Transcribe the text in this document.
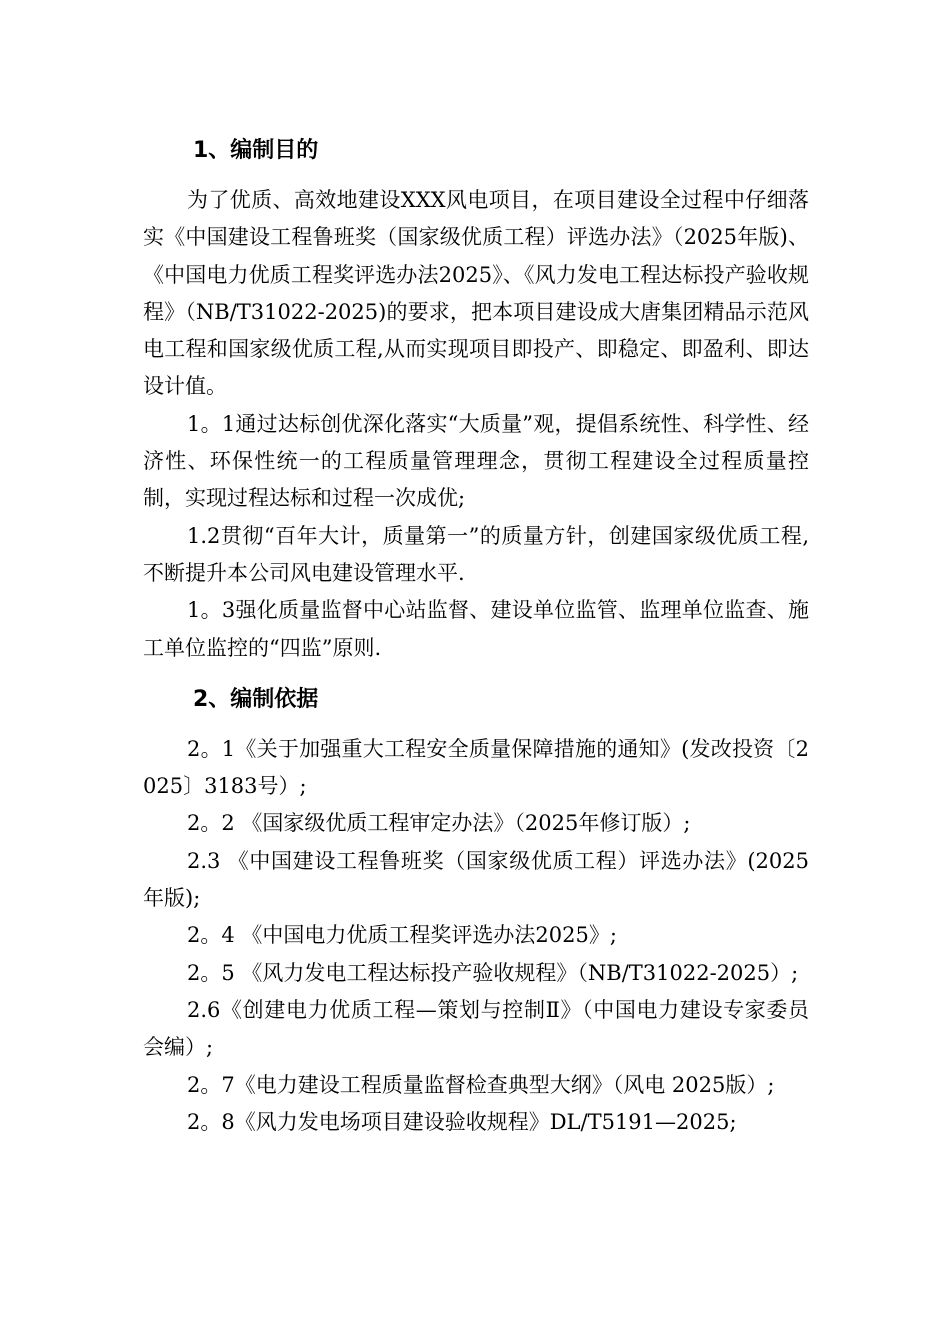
1、编制目的

为了优质、高效地建设XXX风电项目，在项目建设全过程中仔细落实《中国建设工程鲁班奖（国家级优质工程）评选办法》（2025年版)、《中国电力优质工程奖评选办法2025》、《风力发电工程达标投产验收规程》（NB/T31022-2025)的要求，把本项目建设成大唐集团精品示范风电工程和国家级优质工程,从而实现项目即投产、即稳定、即盈利、即达设计值。

1。1通过达标创优深化落实“大质量”观，提倡系统性、科学性、经济性、环保性统一的工程质量管理理念，贯彻工程建设全过程质量控制，实现过程达标和过程一次成优;

1.2贯彻“百年大计，质量第一”的质量方针，创建国家级优质工程,不断提升本公司风电建设管理水平.

1。3强化质量监督中心站监督、建设单位监管、监理单位监查、施工单位监控的“四监”原则.

2、编制依据

2。1《关于加强重大工程安全质量保障措施的通知》(发改投资〔2025〕3183号）;

2。2 《国家级优质工程审定办法》（2025年修订版）;

2.3 《中国建设工程鲁班奖（国家级优质工程）评选办法》(2025年版);

2。4 《中国电力优质工程奖评选办法2025》;

2。5 《风力发电工程达标投产验收规程》（NB/T31022-2025）;

2.6《创建电力优质工程—策划与控制Ⅱ》（中国电力建设专家委员会编）;

2。7《电力建设工程质量监督检查典型大纲》（风电 2025版）;

2。8《风力发电场项目建设验收规程》DL/T5191—2025;
